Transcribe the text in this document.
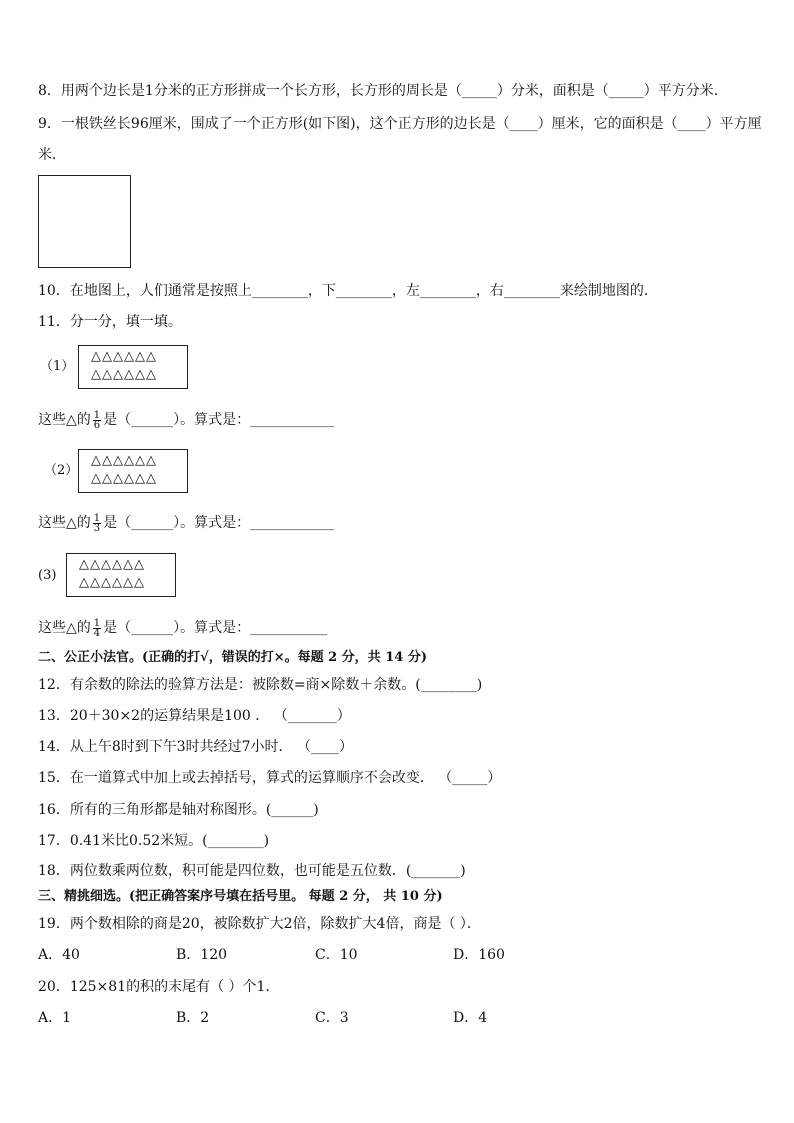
8．用两个边长是1分米的正方形拼成一个长方形，长方形的周长是（_____）分米，面积是（_____）平方分米．
9．一根铁丝长96厘米，围成了一个正方形(如下图)，这个正方形的边长是（____）厘米，它的面积是（____）平方厘
米．
10．在地图上，人们通常是按照上________，下________，左________，右________来绘制地图的．
11．分一分，填一填。
（1）
△△△△△△
△△△△△△
这些△的 $\frac{1}{6}$ 是（______）。算式是：____________
（2）
△△△△△△
△△△△△△
这些△的 $\frac{1}{3}$ 是（______）。算式是：____________
(3)
△△△△△△
△△△△△△
这些△的 $\frac{1}{4}$ 是（______）。算式是：___________
二、公正小法官。(正确的打√，错误的打×。每题 2 分，共 14 分)
12．有余数的除法的验算方法是：被除数=商×除数＋余数。(________)
13．20＋30×2的运算结果是100 ． （_______）
14．从上午8时到下午3时共经过7小时． （____）
15．在一道算式中加上或去掉括号，算式的运算顺序不会改变． （_____）
16．所有的三角形都是轴对称图形。(______)
17．0.41米比0.52米短。(________)
18．两位数乘两位数，积可能是四位数，也可能是五位数．(_______)
三、精挑细选。(把正确答案序号填在括号里。 每题 2 分， 共 10 分)
19．两个数相除的商是20，被除数扩大2倍，除数扩大4倍，商是（ ）．
A．40	B．120	C．10	D．160
20．125×81的积的末尾有（ ）个1．
A．1	B．2	C．3	D．4
